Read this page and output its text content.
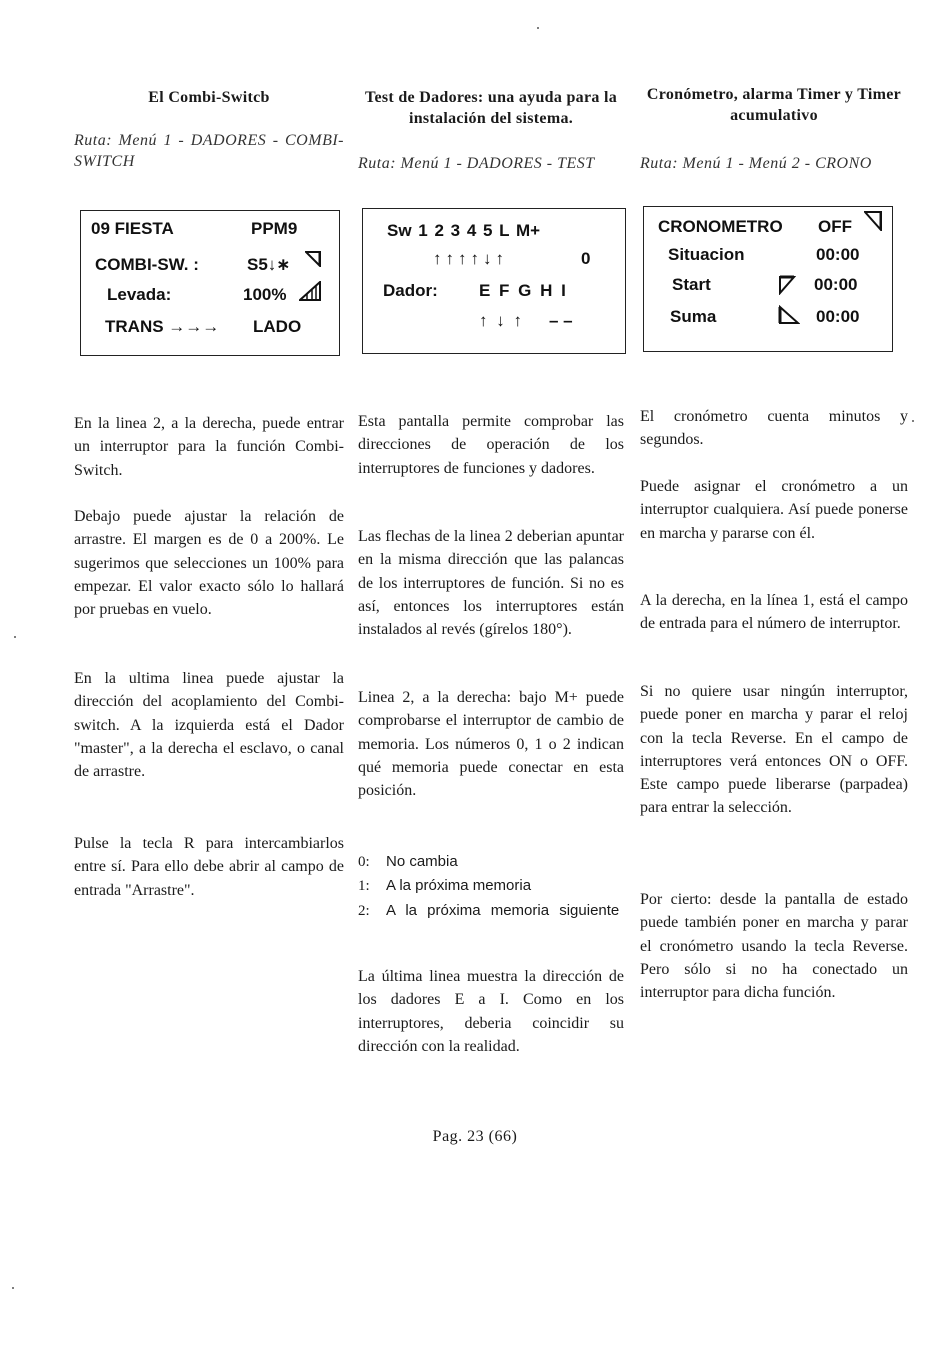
El Combi-Switcb
Ruta: Menú 1 - DADORES - COMBI-SWITCH
09 FIESTA	PPM9
COMBI-SW. :	S5↓∗
Levada:	100%
TRANS →→→ LADO

En la linea 2, a la derecha, puede entrar un interruptor para la función Combi-Switch.

Debajo puede ajustar la relación de arrastre. El margen es de 0 a 200%. Le sugerimos que selecciones un 100% para empezar. El valor exacto sólo lo hallará por pruebas en vuelo.

En la ultima linea puede ajustar la dirección del acoplamiento del Combi-switch. A la izquierda está el Dador "master", a la derecha el esclavo, o canal de arrastre.

Pulse la tecla R para intercambiarlos entre sí. Para ello debe abrir al campo de entrada "Arrastre".

Test de Dadores: una ayuda para la instalación del sistema.
Ruta: Menú 1 - DADORES - TEST
Sw 1 2 3 4 5 L M+
↑↑↑↑↓↑	0
Dador: E F G H I
↑ ↓ ↑ – –

Esta pantalla permite comprobar las direcciones de operación de los interruptores de funciones y dadores.

Las flechas de la linea 2 deberian apuntar en la misma dirección que las palancas de los interruptores de función. Si no es así, entonces los interruptores están instalados al revés (gírelos 180°).

Linea 2, a la derecha: bajo M+ puede comprobarse el interruptor de cambio de memoria. Los números 0, 1 o 2 indican qué memoria puede conectar en esta posición.

0: No cambia
1: A la próxima memoria
2: A la próxima memoria siguiente

La última linea muestra la dirección de los dadores E a I. Como en los interruptores, deberia coincidir su dirección con la realidad.

Cronómetro, alarma Timer y Timer acumulativo
Ruta: Menú 1 - Menú 2 - CRONO
CRONOMETRO OFF
Situacion	00:00
Start	00:00
Suma	00:00

El cronómetro cuenta minutos y segundos.

Puede asignar el cronómetro a un interruptor cualquiera. Así puede ponerse en marcha y pararse con él.

A la derecha, en la línea 1, está el campo de entrada para el número de interruptor.

Si no quiere usar ningún interruptor, puede poner en marcha y parar el reloj con la tecla Reverse. En el campo de interruptores verá entonces ON o OFF. Este campo puede liberarse (parpadea) para entrar la selección.

Por cierto: desde la pantalla de estado puede también poner en marcha y parar el cronómetro usando la tecla Reverse. Pero sólo si no ha conectado un interruptor para dicha función.

Pag. 23 (66)
